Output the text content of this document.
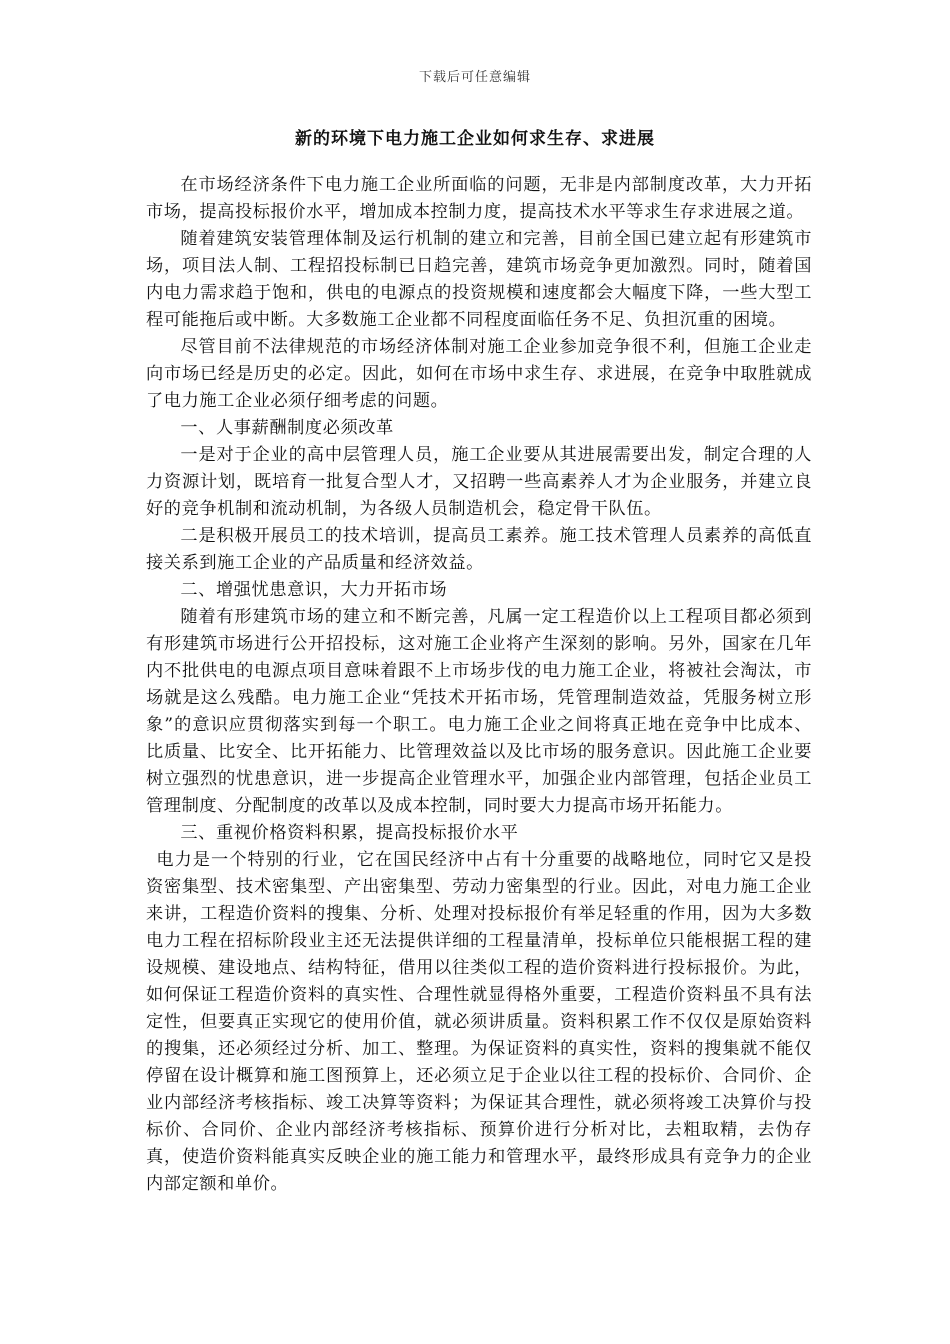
下载后可任意编辑
新的环境下电力施工企业如何求生存、求进展

在市场经济条件下电力施工企业所面临的问题，无非是内部制度改革，大力开拓市场，提高投标报价水平，增加成本控制力度，提高技术水平等求生存求进展之道。

随着建筑安装管理体制及运行机制的建立和完善，目前全国已建立起有形建筑市场，项目法人制、工程招投标制已日趋完善，建筑市场竞争更加激烈。同时，随着国内电力需求趋于饱和，供电的电源点的投资规模和速度都会大幅度下降，一些大型工程可能拖后或中断。大多数施工企业都不同程度面临任务不足、负担沉重的困境。

尽管目前不法律规范的市场经济体制对施工企业参加竞争很不利，但施工企业走向市场已经是历史的必定。因此，如何在市场中求生存、求进展，在竞争中取胜就成了电力施工企业必须仔细考虑的问题。

一、人事薪酬制度必须改革

一是对于企业的高中层管理人员，施工企业要从其进展需要出发，制定合理的人力资源计划，既培育一批复合型人才，又招聘一些高素养人才为企业服务，并建立良好的竞争机制和流动机制，为各级人员制造机会，稳定骨干队伍。

二是积极开展员工的技术培训，提高员工素养。施工技术管理人员素养的高低直接关系到施工企业的产品质量和经济效益。

二、增强忧患意识，大力开拓市场

随着有形建筑市场的建立和不断完善，凡属一定工程造价以上工程项目都必须到有形建筑市场进行公开招投标，这对施工企业将产生深刻的影响。另外，国家在几年内不批供电的电源点项目意味着跟不上市场步伐的电力施工企业，将被社会淘汰，市场就是这么残酷。电力施工企业“凭技术开拓市场，凭管理制造效益，凭服务树立形象”的意识应贯彻落实到每一个职工。电力施工企业之间将真正地在竞争中比成本、比质量、比安全、比开拓能力、比管理效益以及比市场的服务意识。因此施工企业要树立强烈的忧患意识，进一步提高企业管理水平，加强企业内部管理，包括企业员工管理制度、分配制度的改革以及成本控制，同时要大力提高市场开拓能力。

三、重视价格资料积累，提高投标报价水平

电力是一个特别的行业，它在国民经济中占有十分重要的战略地位，同时它又是投资密集型、技术密集型、产出密集型、劳动力密集型的行业。因此，对电力施工企业来讲，工程造价资料的搜集、分析、处理对投标报价有举足轻重的作用，因为大多数电力工程在招标阶段业主还无法提供详细的工程量清单，投标单位只能根据工程的建设规模、建设地点、结构特征，借用以往类似工程的造价资料进行投标报价。为此，如何保证工程造价资料的真实性、合理性就显得格外重要，工程造价资料虽不具有法定性，但要真正实现它的使用价值，就必须讲质量。资料积累工作不仅仅是原始资料的搜集，还必须经过分析、加工、整理。为保证资料的真实性，资料的搜集就不能仅停留在设计概算和施工图预算上，还必须立足于企业以往工程的投标价、合同价、企业内部经济考核指标、竣工决算等资料；为保证其合理性，就必须将竣工决算价与投标价、合同价、企业内部经济考核指标、预算价进行分析对比，去粗取精，去伪存真，使造价资料能真实反映企业的施工能力和管理水平，最终形成具有竞争力的企业内部定额和单价。
